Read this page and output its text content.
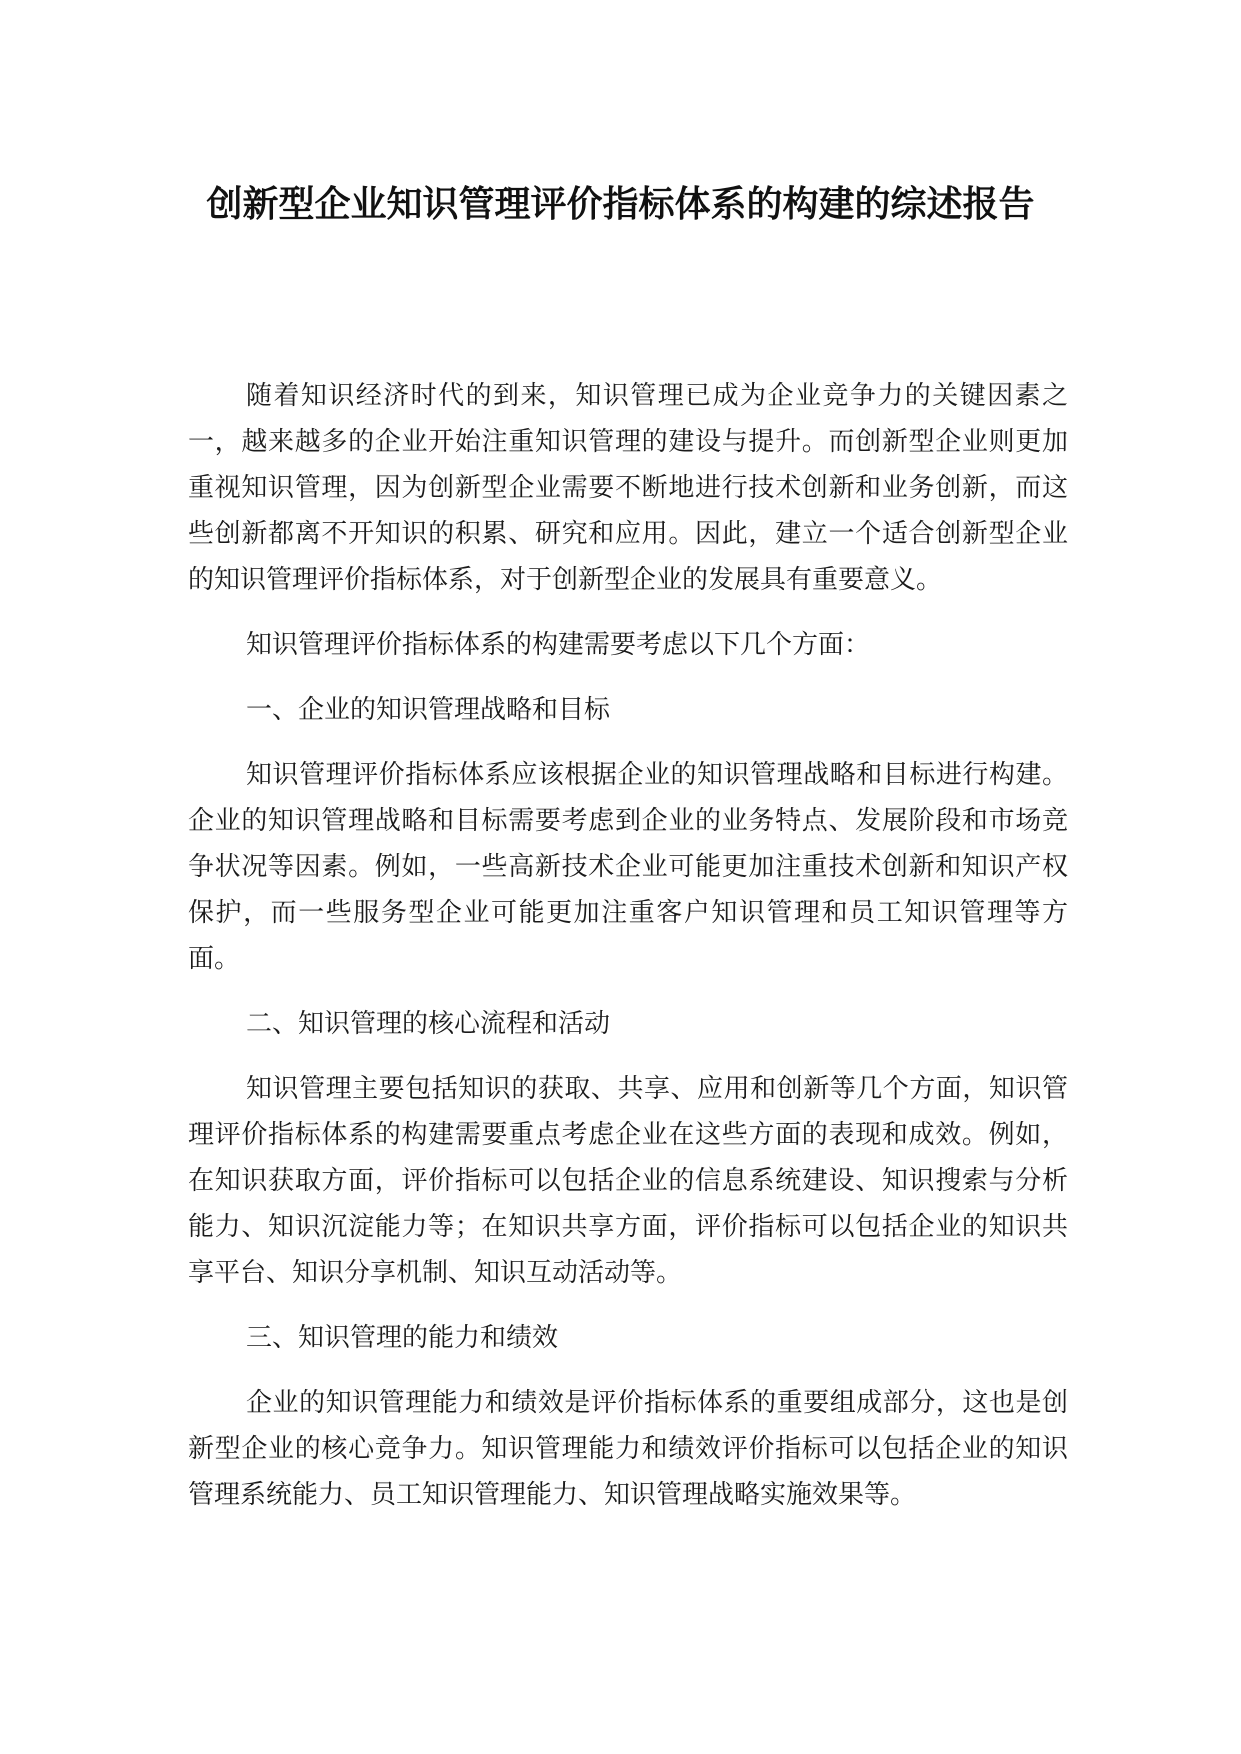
创新型企业知识管理评价指标体系的构建的综述报告

随着知识经济时代的到来，知识管理已成为企业竞争力的关键因素之一，越来越多的企业开始注重知识管理的建设与提升。而创新型企业则更加重视知识管理，因为创新型企业需要不断地进行技术创新和业务创新，而这些创新都离不开知识的积累、研究和应用。因此，建立一个适合创新型企业的知识管理评价指标体系，对于创新型企业的发展具有重要意义。

知识管理评价指标体系的构建需要考虑以下几个方面：

一、企业的知识管理战略和目标

知识管理评价指标体系应该根据企业的知识管理战略和目标进行构建。企业的知识管理战略和目标需要考虑到企业的业务特点、发展阶段和市场竞争状况等因素。例如，一些高新技术企业可能更加注重技术创新和知识产权保护，而一些服务型企业可能更加注重客户知识管理和员工知识管理等方面。

二、知识管理的核心流程和活动

知识管理主要包括知识的获取、共享、应用和创新等几个方面，知识管理评价指标体系的构建需要重点考虑企业在这些方面的表现和成效。例如，在知识获取方面，评价指标可以包括企业的信息系统建设、知识搜索与分析能力、知识沉淀能力等；在知识共享方面，评价指标可以包括企业的知识共享平台、知识分享机制、知识互动活动等。

三、知识管理的能力和绩效

企业的知识管理能力和绩效是评价指标体系的重要组成部分，这也是创新型企业的核心竞争力。知识管理能力和绩效评价指标可以包括企业的知识管理系统能力、员工知识管理能力、知识管理战略实施效果等。
